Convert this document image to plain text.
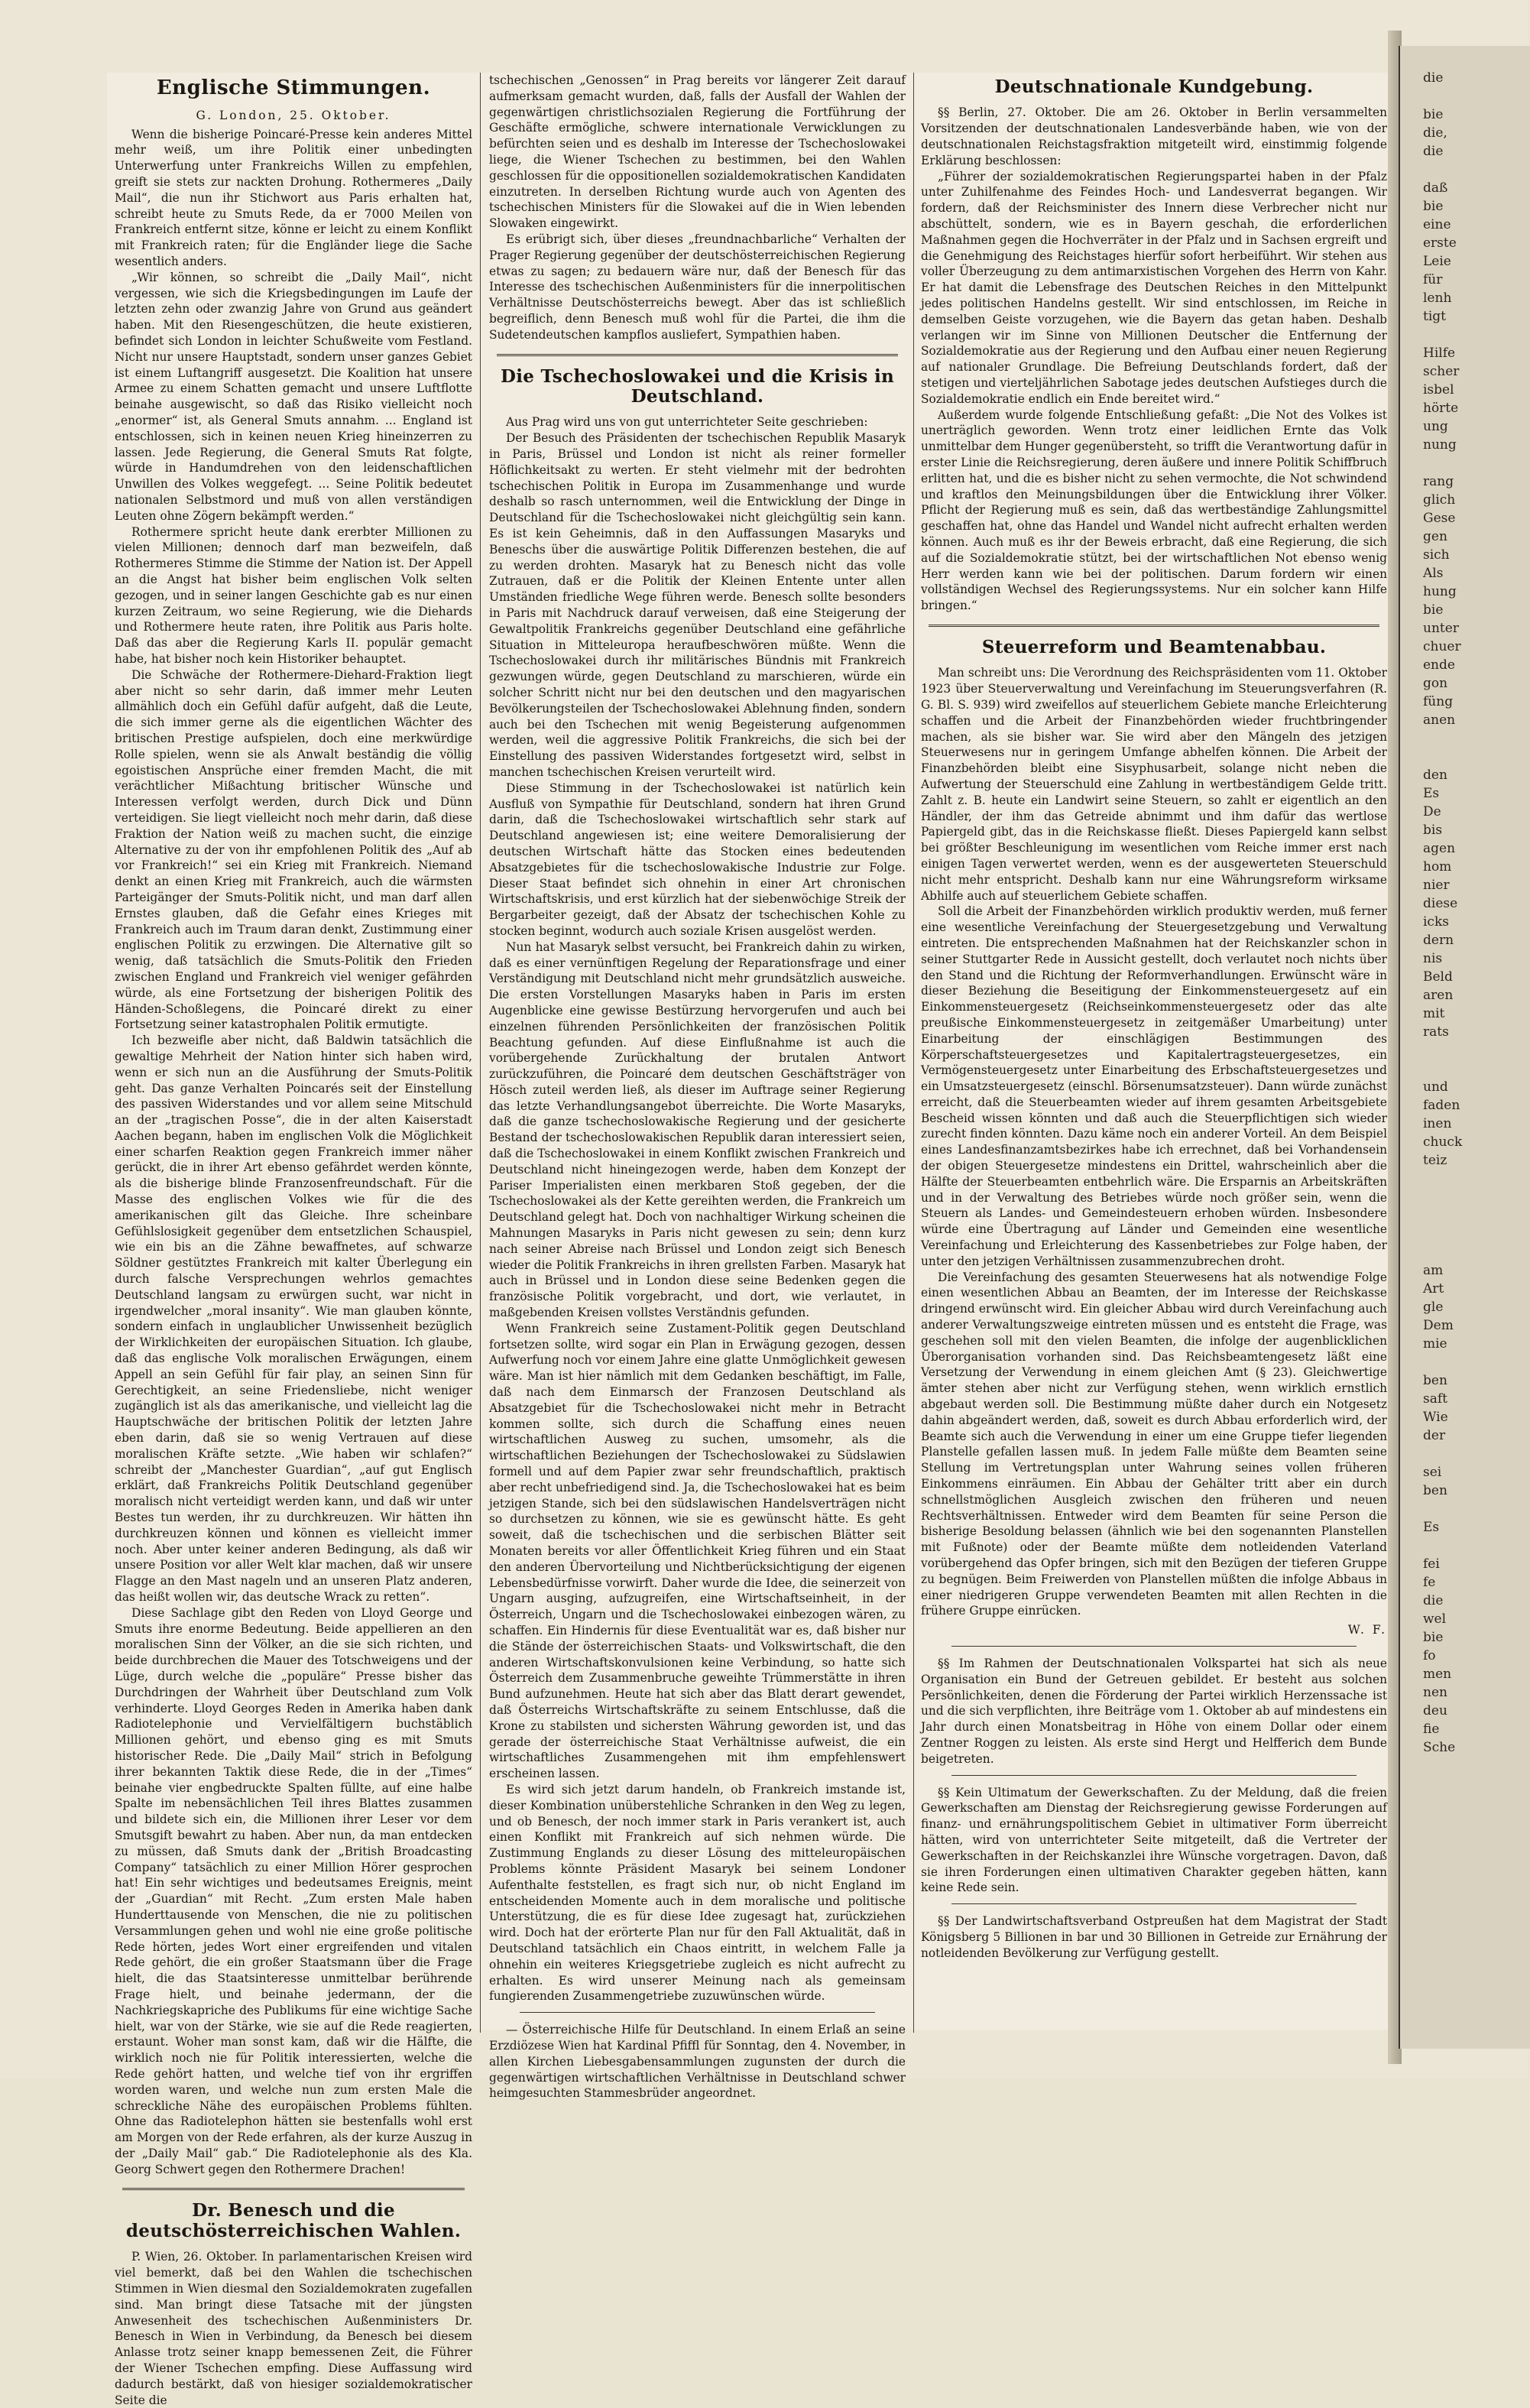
Englische Stimmungen.
G. London, 25. Oktober.

Wenn die bisherige Poincaré-Presse kein anderes Mittel mehr weiß, um ihre Politik einer unbedingten Unterwerfung unter Frankreichs Willen zu empfehlen, greift sie stets zur nackten Drohung. Rothermeres „Daily Mail“, die nun ihr Stichwort aus Paris erhalten hat, schreibt heute zu Smuts Rede, da er 7000 Meilen von Frankreich entfernt sitze, könne er leicht zu einem Konflikt mit Frankreich raten; für die Engländer liege die Sache wesentlich anders.

„Wir können, so schreibt die „Daily Mail“, nicht vergessen, wie sich die Kriegsbedingungen im Laufe der letzten zehn oder zwanzig Jahre von Grund aus geändert haben. Mit den Riesengeschützen, die heute existieren, befindet sich London in leichter Schußweite vom Festland. Nicht nur unsere Hauptstadt, sondern unser ganzes Gebiet ist einem Luftangriff ausgesetzt. Die Koalition hat unsere Armee zu einem Schatten gemacht und unsere Luftflotte beinahe ausgewischt, so daß das Risiko vielleicht noch „enormer“ ist, als General Smuts annahm. ... England ist entschlossen, sich in keinen neuen Krieg hineinzerren zu lassen. Jede Regierung, die General Smuts Rat folgte, würde in Handumdrehen von den leidenschaftlichen Unwillen des Volkes weggefegt. ... Seine Politik bedeutet nationalen Selbstmord und muß von allen verständigen Leuten ohne Zögern bekämpft werden.“

Rothermere spricht heute dank ererbter Millionen zu vielen Millionen; dennoch darf man bezweifeln, daß Rothermeres Stimme die Stimme der Nation ist. Der Appell an die Angst hat bisher beim englischen Volk selten gezogen, und in seiner langen Geschichte gab es nur einen kurzen Zeitraum, wo seine Regierung, wie die Diehards und Rothermere heute raten, ihre Politik aus Paris holte. Daß das aber die Regierung Karls II. populär gemacht habe, hat bisher noch kein Historiker behauptet.

Die Schwäche der Rothermere-Diehard-Fraktion liegt aber nicht so sehr darin, daß immer mehr Leuten allmählich doch ein Gefühl dafür aufgeht, daß die Leute, die sich immer gerne als die eigentlichen Wächter des britischen Prestige aufspielen, doch eine merkwürdige Rolle spielen, wenn sie als Anwalt beständig die völlig egoistischen Ansprüche einer fremden Macht, die mit verächtlicher Mißachtung britischer Wünsche und Interessen verfolgt werden, durch Dick und Dünn verteidigen. Sie liegt vielleicht noch mehr darin, daß diese Fraktion der Nation weiß zu machen sucht, die einzige Alternative zu der von ihr empfohlenen Politik des „Auf ab vor Frankreich!“ sei ein Krieg mit Frankreich. Niemand denkt an einen Krieg mit Frankreich, auch die wärmsten Parteigänger der Smuts-Politik nicht, und man darf allen Ernstes glauben, daß die Gefahr eines Krieges mit Frankreich auch im Traum daran denkt, Zustimmung einer englischen Politik zu erzwingen. Die Alternative gilt so wenig, daß tatsächlich die Smuts-Politik den Frieden zwischen England und Frankreich viel weniger gefährden würde, als eine Fortsetzung der bisherigen Politik des Händen-Schoßlegens, die Poincaré direkt zu einer Fortsetzung seiner katastrophalen Politik ermutigte.

Ich bezweifle aber nicht, daß Baldwin tatsächlich die gewaltige Mehrheit der Nation hinter sich haben wird, wenn er sich nun an die Ausführung der Smuts-Politik geht. Das ganze Verhalten Poincarés seit der Einstellung des passiven Widerstandes und vor allem seine Mitschuld an der „tragischen Posse“, die in der alten Kaiserstadt Aachen begann, haben im englischen Volk die Möglichkeit einer scharfen Reaktion gegen Frankreich immer näher gerückt, die in ihrer Art ebenso gefährdet werden könnte, als die bisherige blinde Franzosenfreundschaft. Für die Masse des englischen Volkes wie für die des amerikanischen gilt das Gleiche. Ihre scheinbare Gefühlslosigkeit gegenüber dem entsetzlichen Schauspiel, wie ein bis an die Zähne bewaffnetes, auf schwarze Söldner gestütztes Frankreich mit kalter Überlegung ein durch falsche Versprechungen wehrlos gemachtes Deutschland langsam zu erwürgen sucht, war nicht in irgendwelcher „moral insanity“. Wie man glauben könnte, sondern einfach in unglaublicher Unwissenheit bezüglich der Wirklichkeiten der europäischen Situation. Ich glaube, daß das englische Volk moralischen Erwägungen, einem Appell an sein Gefühl für fair play, an seinen Sinn für Gerechtigkeit, an seine Friedensliebe, nicht weniger zugänglich ist als das amerikanische, und vielleicht lag die Hauptschwäche der britischen Politik der letzten Jahre eben darin, daß sie so wenig Vertrauen auf diese moralischen Kräfte setzte. „Wie haben wir schlafen?“ schreibt der „Manchester Guardian“, „auf gut Englisch erklärt, daß Frankreichs Politik Deutschland gegenüber moralisch nicht verteidigt werden kann, und daß wir unter Bestes tun werden, ihr zu durchkreuzen. Wir hätten ihn durchkreuzen können und können es vielleicht immer noch. Aber unter keiner anderen Bedingung, als daß wir unsere Position vor aller Welt klar machen, daß wir unsere Flagge an den Mast nageln und an unseren Platz anderen, das heißt wollen wir, das deutsche Wrack zu retten“.

Diese Sachlage gibt den Reden von Lloyd George und Smuts ihre enorme Bedeutung. Beide appellieren an den moralischen Sinn der Völker, an die sie sich richten, und beide durchbrechen die Mauer des Totschweigens und der Lüge, durch welche die „populäre“ Presse bisher das Durchdringen der Wahrheit über Deutschland zum Volk verhinderte. Lloyd Georges Reden in Amerika haben dank Radiotelephonie und Vervielfältigern buchstäblich Millionen gehört, und ebenso ging es mit Smuts historischer Rede. Die „Daily Mail“ strich in Befolgung ihrer bekannten Taktik diese Rede, die in der „Times“ beinahe vier engbedruckte Spalten füllte, auf eine halbe Spalte im nebensächlichen Teil ihres Blattes zusammen und bildete sich ein, die Millionen ihrer Leser vor dem Smutsgift bewahrt zu haben. Aber nun, da man entdecken zu müssen, daß Smuts dank der „British Broadcasting Company“ tatsächlich zu einer Million Hörer gesprochen hat! Ein sehr wichtiges und bedeutsames Ereignis, meint der „Guardian“ mit Recht. „Zum ersten Male haben Hunderttausende von Menschen, die nie zu politischen Versammlungen gehen und wohl nie eine große politische Rede hörten, jedes Wort einer ergreifenden und vitalen Rede gehört, die ein großer Staatsmann über die Frage hielt, die das Staatsinteresse unmittelbar berührende Frage hielt, und beinahe jedermann, der die Nachkriegskapriche des Publikums für eine wichtige Sache hielt, war von der Stärke, wie sie auf die Rede reagierten, erstaunt. Woher man sonst kam, daß wir die Hälfte, die wirklich noch nie für Politik interessierten, welche die Rede gehört hatten, und welche tief von ihr ergriffen worden waren, und welche nun zum ersten Male die schreckliche Nähe des europäischen Problems fühlten. Ohne das Radiotelephon hätten sie bestenfalls wohl erst am Morgen von der Rede erfahren, als der kurze Auszug in der „Daily Mail“ gab.“ Die Radiotelephonie als des Kla. Georg Schwert gegen den Rothermere Drachen!

Dr. Benesch und die deutschösterreichischen Wahlen.

P. Wien, 26. Oktober. In parlamentarischen Kreisen wird viel bemerkt, daß bei den Wahlen die tschechischen Stimmen in Wien diesmal den Sozialdemokraten zugefallen sind. Man bringt diese Tatsache mit der jüngsten Anwesenheit des tschechischen Außenministers Dr. Benesch in Wien in Verbindung, da Benesch bei diesem Anlasse trotz seiner knapp bemessenen Zeit, die Führer der Wiener Tschechen empfing. Diese Auffassung wird dadurch bestärkt, daß von hiesiger sozialdemokratischer Seite die

tschechischen „Genossen“ in Prag bereits vor längerer Zeit darauf aufmerksam gemacht wurden, daß, falls der Ausfall der Wahlen der gegenwärtigen christlichsozialen Regierung die Fortführung der Geschäfte ermögliche, schwere internationale Verwicklungen zu befürchten seien und es deshalb im Interesse der Tschechoslowakei liege, die Wiener Tschechen zu bestimmen, bei den Wahlen geschlossen für die oppositionellen sozialdemokratischen Kandidaten einzutreten. In derselben Richtung wurde auch von Agenten des tschechischen Ministers für die Slowakei auf die in Wien lebenden Slowaken eingewirkt.

Es erübrigt sich, über dieses „freundnachbarliche“ Verhalten der Prager Regierung gegenüber der deutschösterreichischen Regierung etwas zu sagen; zu bedauern wäre nur, daß der Benesch für das Interesse des tschechischen Außenministers für die innerpolitischen Verhältnisse Deutschösterreichs bewegt. Aber das ist schließlich begreiflich, denn Benesch muß wohl für die Partei, die ihm die Sudetendeutschen kampflos ausliefert, Sympathien haben.

Die Tschechoslowakei und die Krisis in Deutschland.

Aus Prag wird uns von gut unterrichteter Seite geschrieben:

Der Besuch des Präsidenten der tschechischen Republik Masaryk in Paris, Brüssel und London ist nicht als reiner formeller Höflichkeitsakt zu werten. Er steht vielmehr mit der bedrohten tschechischen Politik in Europa im Zusammenhange und wurde deshalb so rasch unternommen, weil die Entwicklung der Dinge in Deutschland für die Tschechoslowakei nicht gleichgültig sein kann. Es ist kein Geheimnis, daß in den Auffassungen Masaryks und Beneschs über die auswärtige Politik Differenzen bestehen, die auf zu werden drohten. Masaryk hat zu Benesch nicht das volle Zutrauen, daß er die Politik der Kleinen Entente unter allen Umständen friedliche Wege führen werde. Benesch sollte besonders in Paris mit Nachdruck darauf verweisen, daß eine Steigerung der Gewaltpolitik Frankreichs gegenüber Deutschland eine gefährliche Situation in Mitteleuropa heraufbeschwören müßte. Wenn die Tschechoslowakei durch ihr militärisches Bündnis mit Frankreich gezwungen würde, gegen Deutschland zu marschieren, würde ein solcher Schritt nicht nur bei den deutschen und den magyarischen Bevölkerungsteilen der Tschechoslowakei Ablehnung finden, sondern auch bei den Tschechen mit wenig Begeisterung aufgenommen werden, weil die aggressive Politik Frankreichs, die sich bei der Einstellung des passiven Widerstandes fortgesetzt wird, selbst in manchen tschechischen Kreisen verurteilt wird.

Diese Stimmung in der Tschechoslowakei ist natürlich kein Ausfluß von Sympathie für Deutschland, sondern hat ihren Grund darin, daß die Tschechoslowakei wirtschaftlich sehr stark auf Deutschland angewiesen ist; eine weitere Demoralisierung der deutschen Wirtschaft hätte das Stocken eines bedeutenden Absatzgebietes für die tschechoslowakische Industrie zur Folge. Dieser Staat befindet sich ohnehin in einer Art chronischen Wirtschaftskrisis, und erst kürzlich hat der siebenwöchige Streik der Bergarbeiter gezeigt, daß der Absatz der tschechischen Kohle zu stocken beginnt, wodurch auch soziale Krisen ausgelöst werden.

Nun hat Masaryk selbst versucht, bei Frankreich dahin zu wirken, daß es einer vernünftigen Regelung der Reparationsfrage und einer Verständigung mit Deutschland nicht mehr grundsätzlich ausweiche. Die ersten Vorstellungen Masaryks haben in Paris im ersten Augenblicke eine gewisse Bestürzung hervorgerufen und auch bei einzelnen führenden Persönlichkeiten der französischen Politik Beachtung gefunden. Auf diese Einflußnahme ist auch die vorübergehende Zurückhaltung der brutalen Antwort zurückzuführen, die Poincaré dem deutschen Geschäftsträger von Hösch zuteil werden ließ, als dieser im Auftrage seiner Regierung das letzte Verhandlungsangebot überreichte. Die Worte Masaryks, daß die ganze tschechoslowakische Regierung und der gesicherte Bestand der tschechoslowakischen Republik daran interessiert seien, daß die Tschechoslowakei in einem Konflikt zwischen Frankreich und Deutschland nicht hineingezogen werde, haben dem Konzept der Pariser Imperialisten einen merkbaren Stoß gegeben, der die Tschechoslowakei als der Kette gereihten werden, die Frankreich um Deutschland gelegt hat. Doch von nachhaltiger Wirkung scheinen die Mahnungen Masaryks in Paris nicht gewesen zu sein; denn kurz nach seiner Abreise nach Brüssel und London zeigt sich Benesch wieder die Politik Frankreichs in ihren grellsten Farben. Masaryk hat auch in Brüssel und in London diese seine Bedenken gegen die französische Politik vorgebracht, und dort, wie verlautet, in maßgebenden Kreisen vollstes Verständnis gefunden.

Wenn Frankreich seine Zustament-Politik gegen Deutschland fortsetzen sollte, wird sogar ein Plan in Erwägung gezogen, dessen Aufwerfung noch vor einem Jahre eine glatte Unmöglichkeit gewesen wäre. Man ist hier nämlich mit dem Gedanken beschäftigt, im Falle, daß nach dem Einmarsch der Franzosen Deutschland als Absatzgebiet für die Tschechoslowakei nicht mehr in Betracht kommen sollte, sich durch die Schaffung eines neuen wirtschaftlichen Ausweg zu suchen, umsomehr, als die wirtschaftlichen Beziehungen der Tschechoslowakei zu Südslawien formell und auf dem Papier zwar sehr freundschaftlich, praktisch aber recht unbefriedigend sind. Ja, die Tschechoslowakei hat es beim jetzigen Stande, sich bei den südslawischen Handelsverträgen nicht so durchsetzen zu können, wie sie es gewünscht hätte. Es geht soweit, daß die tschechischen und die serbischen Blätter seit Monaten bereits vor aller Öffentlichkeit Krieg führen und ein Staat den anderen Übervorteilung und Nichtberücksichtigung der eigenen Lebensbedürfnisse vorwirft. Daher wurde die Idee, die seinerzeit von Ungarn ausging, aufzugreifen, eine Wirtschaftseinheit, in der Österreich, Ungarn und die Tschechoslowakei einbezogen wären, zu schaffen. Ein Hindernis für diese Eventualität war es, daß bisher nur die Stände der österreichischen Staats- und Volkswirtschaft, die den anderen Wirtschaftskonvulsionen keine Verbindung, so hatte sich Österreich dem Zusammenbruche geweihte Trümmerstätte in ihren Bund aufzunehmen. Heute hat sich aber das Blatt derart gewendet, daß Österreichs Wirtschaftskräfte zu seinem Entschlusse, daß die Krone zu stabilsten und sichersten Währung geworden ist, und das gerade der österreichische Staat Verhältnisse aufweist, die ein wirtschaftliches Zusammengehen mit ihm empfehlenswert erscheinen lassen.

Es wird sich jetzt darum handeln, ob Frankreich imstande ist, dieser Kombination unüberstehliche Schranken in den Weg zu legen, und ob Benesch, der noch immer stark in Paris verankert ist, auch einen Konflikt mit Frankreich auf sich nehmen würde. Die Zustimmung Englands zu dieser Lösung des mitteleuropäischen Problems könnte Präsident Masaryk bei seinem Londoner Aufenthalte feststellen, es fragt sich nur, ob nicht England im entscheidenden Momente auch in dem moralische und politische Unterstützung, die es für diese Idee zugesagt hat, zurückziehen wird. Doch hat der erörterte Plan nur für den Fall Aktualität, daß in Deutschland tatsächlich ein Chaos eintritt, in welchem Falle ja ohnehin ein weiteres Kriegsgetriebe zugleich es nicht aufrecht zu erhalten. Es wird unserer Meinung nach als gemeinsam fungierenden Zusammengetriebe zuzuwünschen würde.

— Österreichische Hilfe für Deutschland. In einem Erlaß an seine Erzdiözese Wien hat Kardinal Pfiffl für Sonntag, den 4. November, in allen Kirchen Liebesgabensammlungen zugunsten der durch die gegenwärtigen wirtschaftlichen Verhältnisse in Deutschland schwer heimgesuchten Stammesbrüder angeordnet.

Deutschnationale Kundgebung.

§§ Berlin, 27. Oktober. Die am 26. Oktober in Berlin versammelten Vorsitzenden der deutschnationalen Landesverbände haben, wie von der deutschnationalen Reichstagsfraktion mitgeteilt wird, einstimmig folgende Erklärung beschlossen:

„Führer der sozialdemokratischen Regierungspartei haben in der Pfalz unter Zuhilfenahme des Feindes Hoch- und Landesverrat begangen. Wir fordern, daß der Reichsminister des Innern diese Verbrecher nicht nur abschüttelt, sondern, wie es in Bayern geschah, die erforderlichen Maßnahmen gegen die Hochverräter in der Pfalz und in Sachsen ergreift und die Genehmigung des Reichstages hierfür sofort herbeiführt. Wir stehen aus voller Überzeugung zu dem antimarxistischen Vorgehen des Herrn von Kahr. Er hat damit die Lebensfrage des Deutschen Reiches in den Mittelpunkt jedes politischen Handelns gestellt. Wir sind entschlossen, im Reiche in demselben Geiste vorzugehen, wie die Bayern das getan haben. Deshalb verlangen wir im Sinne von Millionen Deutscher die Entfernung der Sozialdemokratie aus der Regierung und den Aufbau einer neuen Regierung auf nationaler Grundlage. Die Befreiung Deutschlands fordert, daß der stetigen und vierteljährlichen Sabotage jedes deutschen Aufstieges durch die Sozialdemokratie endlich ein Ende bereitet wird.“

Außerdem wurde folgende Entschließung gefaßt: „Die Not des Volkes ist unerträglich geworden. Wenn trotz einer leidlichen Ernte das Volk unmittelbar dem Hunger gegenübersteht, so trifft die Verantwortung dafür in erster Linie die Reichsregierung, deren äußere und innere Politik Schiffbruch erlitten hat, und die es bisher nicht zu sehen vermochte, die Not schwindend und kraftlos den Meinungsbildungen über die Entwicklung ihrer Völker. Pflicht der Regierung muß es sein, daß das wertbeständige Zahlungsmittel geschaffen hat, ohne das Handel und Wandel nicht aufrecht erhalten werden können. Auch muß es ihr der Beweis erbracht, daß eine Regierung, die sich auf die Sozialdemokratie stützt, bei der wirtschaftlichen Not ebenso wenig Herr werden kann wie bei der politischen. Darum fordern wir einen vollständigen Wechsel des Regierungssystems. Nur ein solcher kann Hilfe bringen.“

Steuerreform und Beamtenabbau.

Man schreibt uns: Die Verordnung des Reichspräsidenten vom 11. Oktober 1923 über Steuerverwaltung und Vereinfachung im Steuerungsverfahren (R. G. Bl. S. 939) wird zweifellos auf steuerlichem Gebiete manche Erleichterung schaffen und die Arbeit der Finanzbehörden wieder fruchtbringender machen, als sie bisher war. Sie wird aber den Mängeln des jetzigen Steuerwesens nur in geringem Umfange abhelfen können. Die Arbeit der Finanzbehörden bleibt eine Sisyphusarbeit, solange nicht neben die Aufwertung der Steuerschuld eine Zahlung in wertbeständigem Gelde tritt. Zahlt z. B. heute ein Landwirt seine Steuern, so zahlt er eigentlich an den Händler, der ihm das Getreide abnimmt und ihm dafür das wertlose Papiergeld gibt, das in die Reichskasse fließt. Dieses Papiergeld kann selbst bei größter Beschleunigung im wesentlichen vom Reiche immer erst nach einigen Tagen verwertet werden, wenn es der ausgewerteten Steuerschuld nicht mehr entspricht. Deshalb kann nur eine Währungsreform wirksame Abhilfe auch auf steuerlichem Gebiete schaffen.

Soll die Arbeit der Finanzbehörden wirklich produktiv werden, muß ferner eine wesentliche Vereinfachung der Steuergesetzgebung und Verwaltung eintreten. Die entsprechenden Maßnahmen hat der Reichskanzler schon in seiner Stuttgarter Rede in Aussicht gestellt, doch verlautet noch nichts über den Stand und die Richtung der Reformverhandlungen. Erwünscht wäre in dieser Beziehung die Beseitigung der Einkommensteuergesetz auf ein Einkommensteuergesetz (Reichseinkommensteuergesetz oder das alte preußische Einkommensteuergesetz in zeitgemäßer Umarbeitung) unter Einarbeitung der einschlägigen Bestimmungen des Körperschaftsteuergesetzes und Kapitalertragsteuergesetzes, ein Vermögensteuergesetz unter Einarbeitung des Erbschaftsteuergesetzes und ein Umsatzsteuergesetz (einschl. Börsenumsatzsteuer). Dann würde zunächst erreicht, daß die Steuerbeamten wieder auf ihrem gesamten Arbeitsgebiete Bescheid wissen könnten und daß auch die Steuerpflichtigen sich wieder zurecht finden könnten. Dazu käme noch ein anderer Vorteil. An dem Beispiel eines Landesfinanzamtsbezirkes habe ich errechnet, daß bei Vorhandensein der obigen Steuergesetze mindestens ein Drittel, wahrscheinlich aber die Hälfte der Steuerbeamten entbehrlich wäre. Die Ersparnis an Arbeitskräften und in der Verwaltung des Betriebes würde noch größer sein, wenn die Steuern als Landes- und Gemeindesteuern erhoben würden. Insbesondere würde eine Übertragung auf Länder und Gemeinden eine wesentliche Vereinfachung und Erleichterung des Kassenbetriebes zur Folge haben, der unter den jetzigen Verhältnissen zusammenzubrechen droht.

Die Vereinfachung des gesamten Steuerwesens hat als notwendige Folge einen wesentlichen Abbau an Beamten, der im Interesse der Reichskasse dringend erwünscht wird. Ein gleicher Abbau wird durch Vereinfachung auch anderer Verwaltungszweige eintreten müssen und es entsteht die Frage, was geschehen soll mit den vielen Beamten, die infolge der augenblicklichen Überorganisation vorhanden sind. Das Reichsbeamtengesetz läßt eine Versetzung der Verwendung in einem gleichen Amt (§ 23). Gleichwertige ämter stehen aber nicht zur Verfügung stehen, wenn wirklich ernstlich abgebaut werden soll. Die Bestimmung müßte daher durch ein Notgesetz dahin abgeändert werden, daß, soweit es durch Abbau erforderlich wird, der Beamte sich auch die Verwendung in einer um eine Gruppe tiefer liegenden Planstelle gefallen lassen muß. In jedem Falle müßte dem Beamten seine Stellung im Vertretungsplan unter Wahrung seines vollen früheren Einkommens einräumen. Ein Abbau der Gehälter tritt aber ein durch schnellstmöglichen Ausgleich zwischen den früheren und neuen Rechtsverhältnissen. Entweder wird dem Beamten für seine Person die bisherige Besoldung belassen (ähnlich wie bei den sogenannten Planstellen mit Fußnote) oder der Beamte müßte dem notleidenden Vaterland vorübergehend das Opfer bringen, sich mit den Bezügen der tieferen Gruppe zu begnügen. Beim Freiwerden von Planstellen müßten die infolge Abbaus in einer niedrigeren Gruppe verwendeten Beamten mit allen Rechten in die frühere Gruppe einrücken.

W. F.

§§ Im Rahmen der Deutschnationalen Volkspartei hat sich als neue Organisation ein Bund der Getreuen gebildet. Er besteht aus solchen Persönlichkeiten, denen die Förderung der Partei wirklich Herzenssache ist und die sich verpflichten, ihre Beiträge vom 1. Oktober ab auf mindestens ein Jahr durch einen Monatsbeitrag in Höhe von einem Dollar oder einem Zentner Roggen zu leisten. Als erste sind Hergt und Helfferich dem Bunde beigetreten.

§§ Kein Ultimatum der Gewerkschaften. Zu der Meldung, daß die freien Gewerkschaften am Dienstag der Reichsregierung gewisse Forderungen auf finanz- und ernährungspolitischem Gebiet in ultimativer Form überreicht hätten, wird von unterrichteter Seite mitgeteilt, daß die Vertreter der Gewerkschaften in der Reichskanzlei ihre Wünsche vorgetragen. Davon, daß sie ihren Forderungen einen ultimativen Charakter gegeben hätten, kann keine Rede sein.

§§ Der Landwirtschaftsverband Ostpreußen hat dem Magistrat der Stadt Königsberg 5 Billionen in bar und 30 Billionen in Getreide zur Ernährung der notleidenden Bevölkerung zur Verfügung gestellt.

die

bie
die,
die

daß
bie
eine
erste
Leie
für
lenh
tigt

Hilfe
scher
isbel
hörte
ung
nung

rang
glich
Gese
gen
sich
Als
hung
bie
unter
chuer
ende
gon
füng
anen

den
Es
De
bis
agen
hom
nier
diese
icks
dern
nis
Beld
aren
mit
rats

und
faden
inen
chuck
teiz

am
Art
gle
Dem
mie

ben
saft
Wie
der

sei
ben

Es

fei
fe
die
wel
bie
fo
men
nen
deu
fie
Sche
